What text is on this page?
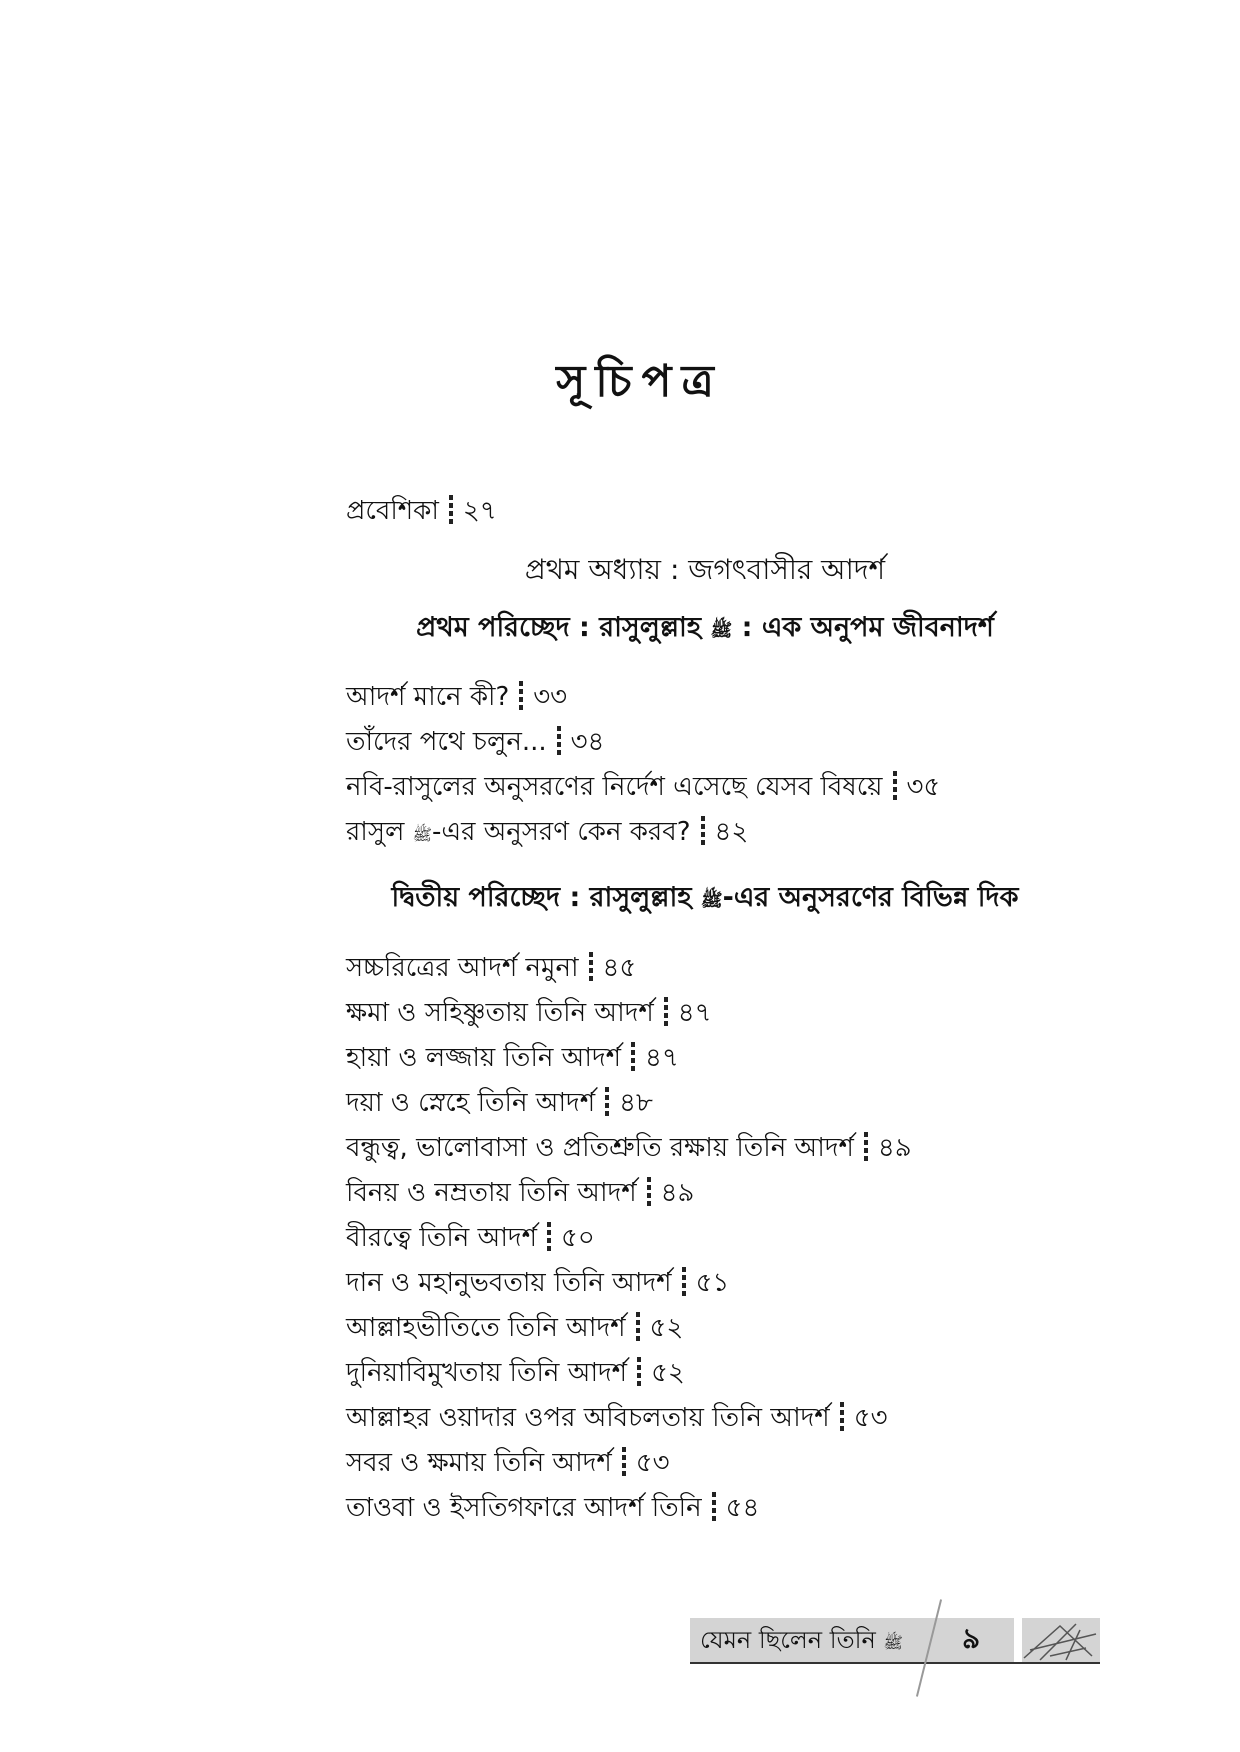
সূচিপত্র
প্রবেশিকা ২৭
প্রথম অধ্যায় : জগৎবাসীর আদর্শ
প্রথম পরিচ্ছেদ : রাসুলুল্লাহ ﷺ : এক অনুপম জীবনাদর্শ
আদর্শ মানে কী? ৩৩
তাঁদের পথে চলুন... ৩৪
নবি-রাসুলের অনুসরণের নির্দেশ এসেছে যেসব বিষয়ে ৩৫
রাসুল ﷺ-এর অনুসরণ কেন করব? ৪২
দ্বিতীয় পরিচ্ছেদ : রাসুলুল্লাহ ﷺ-এর অনুসরণের বিভিন্ন দিক
সচ্চরিত্রের আদর্শ নমুনা ৪৫
ক্ষমা ও সহিষ্ণুতায় তিনি আদর্শ ৪৭
হায়া ও লজ্জায় তিনি আদর্শ ৪৭
দয়া ও স্নেহে তিনি আদর্শ ৪৮
বন্ধুত্ব, ভালোবাসা ও প্রতিশ্রুতি রক্ষায় তিনি আদর্শ ৪৯
বিনয় ও নম্রতায় তিনি আদর্শ ৪৯
বীরত্বে তিনি আদর্শ ৫০
দান ও মহানুভবতায় তিনি আদর্শ ৫১
আল্লাহভীতিতে তিনি আদর্শ ৫২
দুনিয়াবিমুখতায় তিনি আদর্শ ৫২
আল্লাহর ওয়াদার ওপর অবিচলতায় তিনি আদর্শ ৫৩
সবর ও ক্ষমায় তিনি আদর্শ ৫৩
তাওবা ও ইসতিগফারে আদর্শ তিনি ৫৪
যেমন ছিলেন তিনি ﷺ ৯
